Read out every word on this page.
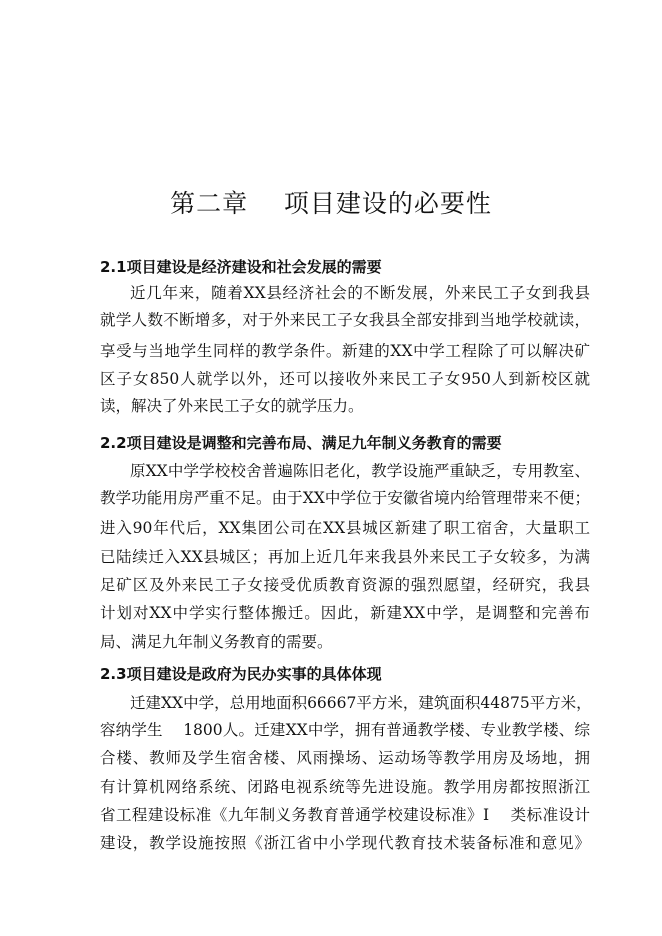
第二章    项目建设的必要性
2.1项目建设是经济建设和社会发展的需要
近几年来，随着XX县经济社会的不断发展，外来民工子女到我县
就学人数不断增多，对于外来民工子女我县全部安排到当地学校就读，
享受与当地学生同样的教学条件。新建的XX中学工程除了可以解决矿
区子女850人就学以外，还可以接收外来民工子女950人到新校区就
读，解决了外来民工子女的就学压力。
2.2项目建设是调整和完善布局、满足九年制义务教育的需要
原XX中学学校校舍普遍陈旧老化，教学设施严重缺乏，专用教室、
教学功能用房严重不足。由于XX中学位于安徽省境内给管理带来不便；
进入90年代后，XX集团公司在XX县城区新建了职工宿舍，大量职工
已陆续迁入XX县城区；再加上近几年来我县外来民工子女较多，为满
足矿区及外来民工子女接受优质教育资源的强烈愿望，经研究，我县
计划对XX中学实行整体搬迁。因此，新建XX中学，是调整和完善布
局、满足九年制义务教育的需要。
2.3项目建设是政府为民办实事的具体体现
迁建XX中学，总用地面积66667平方米，建筑面积44875平方米，
容纳学生    1800人。迁建XX中学，拥有普通教学楼、专业教学楼、综
合楼、教师及学生宿舍楼、风雨操场、运动场等教学用房及场地，拥
有计算机网络系统、闭路电视系统等先进设施。教学用房都按照浙江
省工程建设标准《九年制义务教育普通学校建设标准》I    类标准设计
建设，教学设施按照《浙江省中小学现代教育技术装备标准和意见》
